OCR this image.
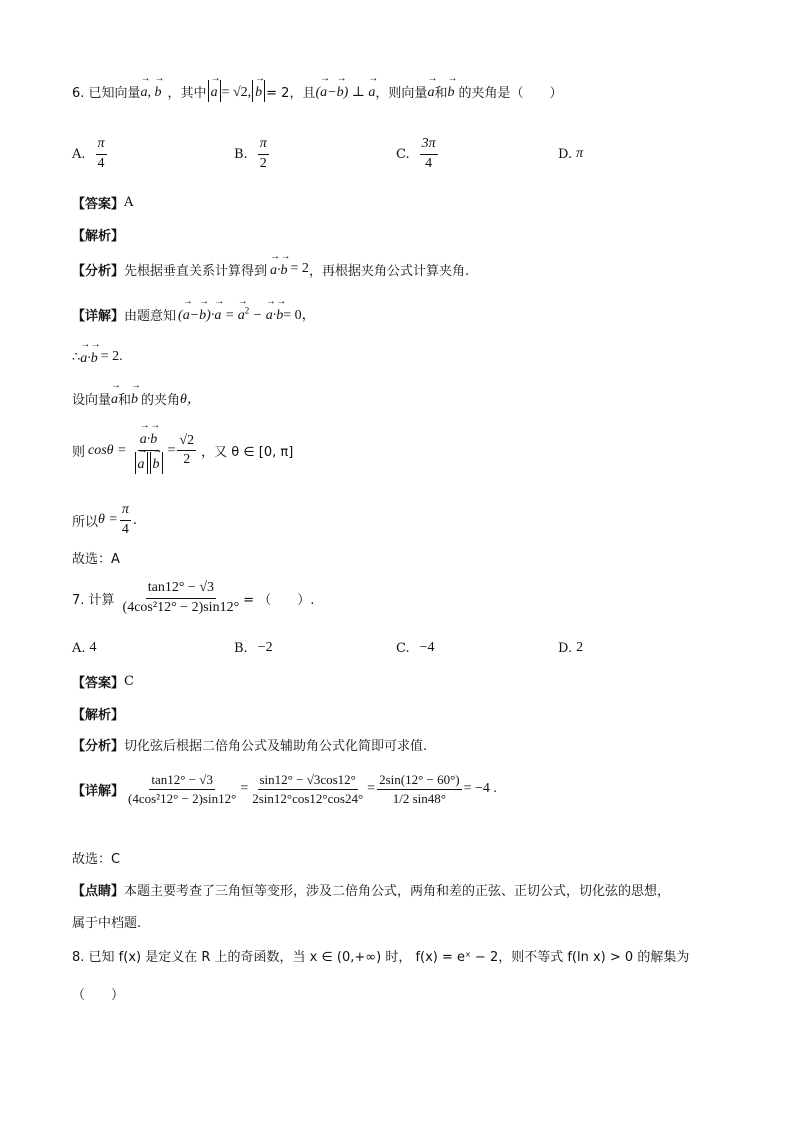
6. 已知向量 → a, → b ，其中 → a = √2, → b = 2，且 (→ a−→ b) ⊥ → a ，则向量 → a 和 → b 的夹角是（　　）
A. $\frac{\pi}{4}$	B. $\frac{\pi}{2}$	C. $\frac{3\pi}{4}$	D. π
【答案】 A
【解析】
【分析】 先根据垂直关系计算得到 → a·→ b = 2 ，再根据夹角公式计算夹角.
【详解】 由题意知 (→ a−→ b)·→ a = → $a^2$ − → a·→ b = 0，
∴ → a·→ b = 2.
设向量 → a 和 → b 的夹角 θ，
则 cosθ = → a·→ b
→ $a \to b = \frac{√2}{2}$ ，又 θ ∈ [0, π]
所以 $\theta = \frac{\pi}{4}$ .
故选：A
7. 计算 $\frac{\tan 12^\circ - √3}{\text{(4cos²12° − 2)sin12°}}$ = （　　）.
A. 4	B. −2	C. −4	D. 2
【答案】 C
【解析】
【分析】 切化弦后根据二倍角公式及辅助角公式化简即可求值.
【详解】 $\frac{\tan 12^\circ - √3}{\text{(4cos²12° − 2)sin12°}} = \frac{\sin 12^\circ - √3\cos 12^\circ}{2\sin 12^\circ\cos 12^\circ\cos 24^\circ} = \frac{2\sin(12^\circ - 60^\circ)}{1/2 \sin 48^\circ} = -4$ .
故选：C
【点睛】 本题主要考查了三角恒等变形，涉及二倍角公式，两角和差的正弦、正切公式，切化弦的思想，
属于中档题.
8. 已知 f(x) 是定义在 R 上的奇函数，当 x ∈ (0,+∞) 时， f(x) = eˣ − 2，则不等式 f(ln x) > 0 的解集为
（　　）
